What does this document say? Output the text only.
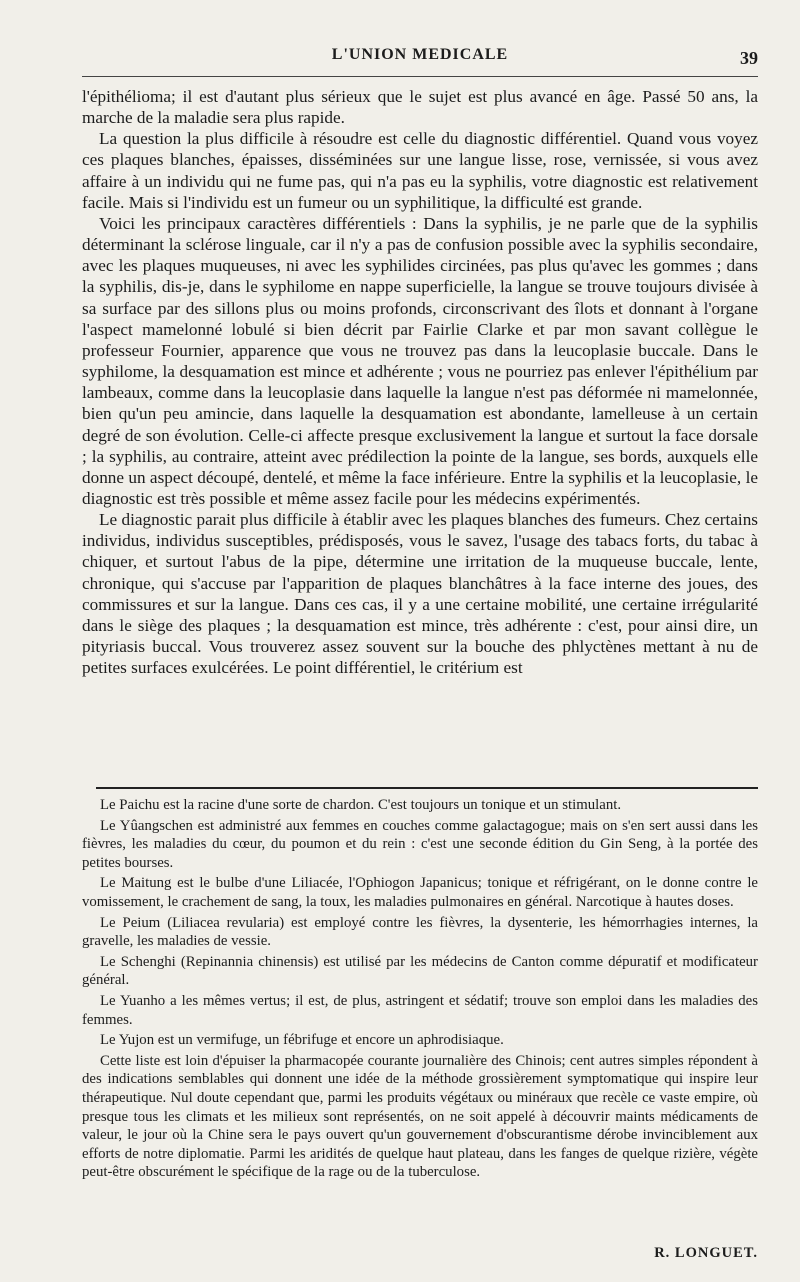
L'UNION MEDICALE	39

l'épithélioma; il est d'autant plus sérieux que le sujet est plus avancé en âge. Passé 50 ans, la marche de la maladie sera plus rapide.

La question la plus difficile à résoudre est celle du diagnostic différentiel. Quand vous voyez ces plaques blanches, épaisses, disséminées sur une langue lisse, rose, vernissée, si vous avez affaire à un individu qui ne fume pas, qui n'a pas eu la syphilis, votre diagnostic est relativement facile. Mais si l'individu est un fumeur ou un syphilitique, la difficulté est grande.

Voici les principaux caractères différentiels : Dans la syphilis, je ne parle que de la syphilis déterminant la sclérose linguale, car il n'y a pas de confusion possible avec la syphilis secondaire, avec les plaques muqueuses, ni avec les syphilides circinées, pas plus qu'avec les gommes ; dans la syphilis, dis-je, dans le syphilome en nappe superficielle, la langue se trouve toujours divisée à sa surface par des sillons plus ou moins profonds, circonscrivant des îlots et donnant à l'organe l'aspect mamelonné lobulé si bien décrit par Fairlie Clarke et par mon savant collègue le professeur Fournier, apparence que vous ne trouvez pas dans la leucoplasie buccale. Dans le syphilome, la desquamation est mince et adhérente ; vous ne pourriez pas enlever l'épithélium par lambeaux, comme dans la leucoplasie dans laquelle la langue n'est pas déformée ni mamelonnée, bien qu'un peu amincie, dans laquelle la desquamation est abondante, lamelleuse à un certain degré de son évolution. Celle-ci affecte presque exclusivement la langue et surtout la face dorsale ; la syphilis, au contraire, atteint avec prédilection la pointe de la langue, ses bords, auxquels elle donne un aspect découpé, dentelé, et même la face inférieure. Entre la syphilis et la leucoplasie, le diagnostic est très possible et même assez facile pour les médecins expérimentés.

Le diagnostic parait plus difficile à établir avec les plaques blanches des fumeurs. Chez certains individus, individus susceptibles, prédisposés, vous le savez, l'usage des tabacs forts, du tabac à chiquer, et surtout l'abus de la pipe, détermine une irritation de la muqueuse buccale, lente, chronique, qui s'accuse par l'apparition de plaques blanchâtres à la face interne des joues, des commissures et sur la langue. Dans ces cas, il y a une certaine mobilité, une certaine irrégularité dans le siège des plaques ; la desquamation est mince, très adhérente : c'est, pour ainsi dire, un pityriasis buccal. Vous trouverez assez souvent sur la bouche des phlyctènes mettant à nu de petites surfaces exulcérées. Le point différentiel, le critérium est

Le Paichu est la racine d'une sorte de chardon. C'est toujours un tonique et un stimulant.

Le Yûangschen est administré aux femmes en couches comme galactagogue; mais on s'en sert aussi dans les fièvres, les maladies du cœur, du poumon et du rein : c'est une seconde édition du Gin Seng, à la portée des petites bourses.

Le Maitung est le bulbe d'une Liliacée, l'Ophiogon Japanicus; tonique et réfrigérant, on le donne contre le vomissement, le crachement de sang, la toux, les maladies pulmonaires en général. Narcotique à hautes doses.

Le Peium (Liliacea revularia) est employé contre les fièvres, la dysenterie, les hémorrhagies internes, la gravelle, les maladies de vessie.

Le Schenghi (Repinannia chinensis) est utilisé par les médecins de Canton comme dépuratif et modificateur général.

Le Yuanho a les mêmes vertus; il est, de plus, astringent et sédatif; trouve son emploi dans les maladies des femmes.

Le Yujon est un vermifuge, un fébrifuge et encore un aphrodisiaque.

Cette liste est loin d'épuiser la pharmacopée courante journalière des Chinois; cent autres simples répondent à des indications semblables qui donnent une idée de la méthode grossièrement symptomatique qui inspire leur thérapeutique. Nul doute cependant que, parmi les produits végétaux ou minéraux que recèle ce vaste empire, où presque tous les climats et les milieux sont représentés, on ne soit appelé à découvrir maints médicaments de valeur, le jour où la Chine sera le pays ouvert qu'un gouvernement d'obscurantisme dérobe invinciblement aux efforts de notre diplomatie. Parmi les aridités de quelque haut plateau, dans les fanges de quelque rizière, végète peut-être obscurément le spécifique de la rage ou de la tuberculose.

R. LONGUET.
